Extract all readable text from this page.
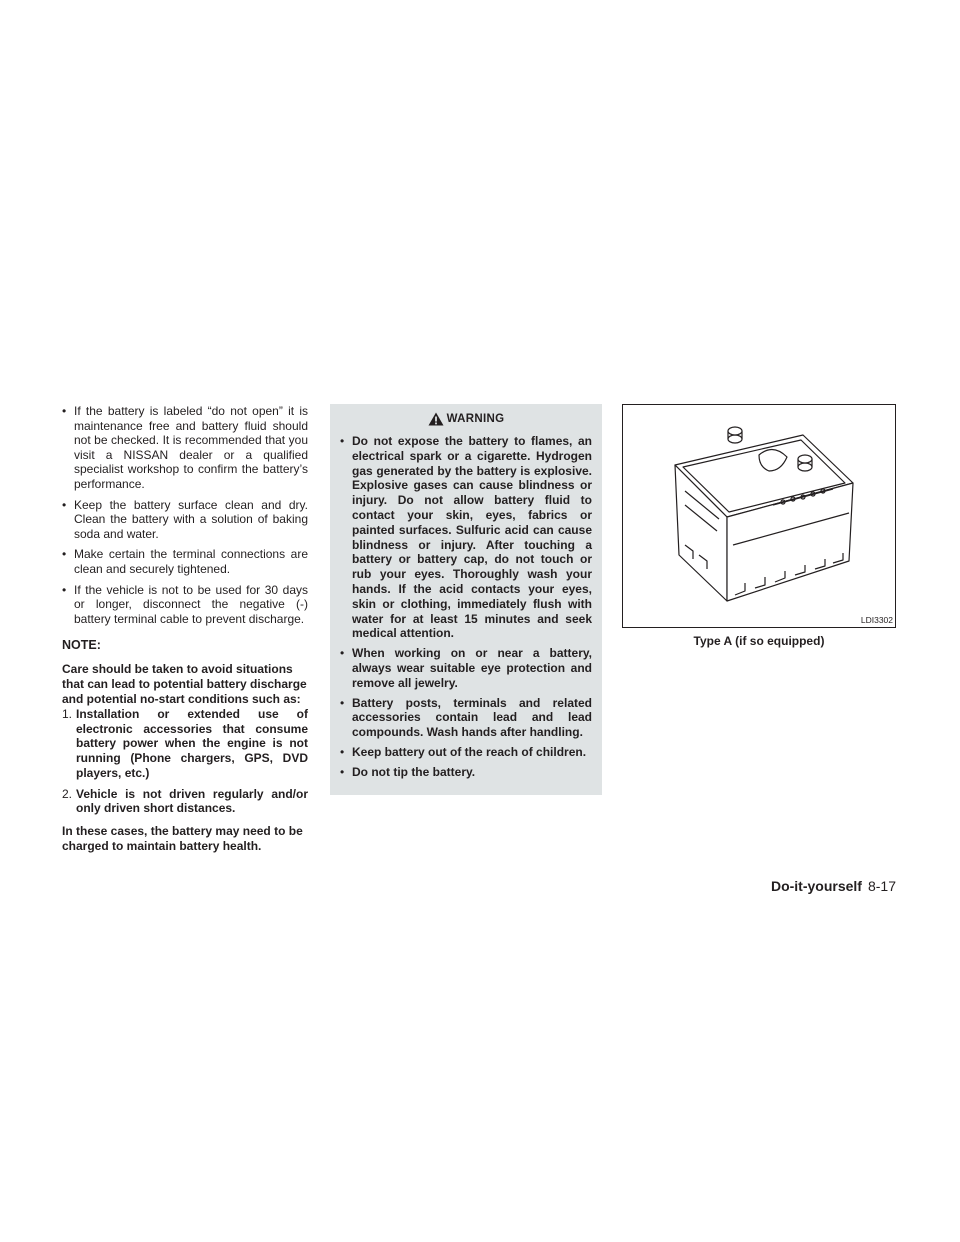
• If the battery is labeled “do not open” it is maintenance free and battery fluid should not be checked. It is recommended that you visit a NISSAN dealer or a qualified specialist workshop to confirm the battery’s performance.
• Keep the battery surface clean and dry. Clean the battery with a solution of baking soda and water.
• Make certain the terminal connections are clean and securely tightened.
• If the vehicle is not to be used for 30 days or longer, disconnect the negative (-) battery terminal cable to prevent discharge.
NOTE:

Care should be taken to avoid situations that can lead to potential battery discharge and potential no-start conditions such as:

1. Installation or extended use of electronic accessories that consume battery power when the engine is not running (Phone chargers, GPS, DVD players, etc.)
2. Vehicle is not driven regularly and/or only driven short distances.

In these cases, the battery may need to be charged to maintain battery health.

WARNING
• Do not expose the battery to flames, an electrical spark or a cigarette. Hydrogen gas generated by the battery is explosive. Explosive gases can cause blindness or injury. Do not allow battery fluid to contact your skin, eyes, fabrics or painted surfaces. Sulfuric acid can cause blindness or injury. After touching a battery or battery cap, do not touch or rub your eyes. Thoroughly wash your hands. If the acid contacts your eyes, skin or clothing, immediately flush with water for at least 15 minutes and seek medical attention.
• When working on or near a battery, always wear suitable eye protection and remove all jewelry.
• Battery posts, terminals and related accessories contain lead and lead compounds. Wash hands after handling.
• Keep battery out of the reach of children.
• Do not tip the battery.
LDI3302
Type A (if so equipped)
Do-it-yourself 8-17
